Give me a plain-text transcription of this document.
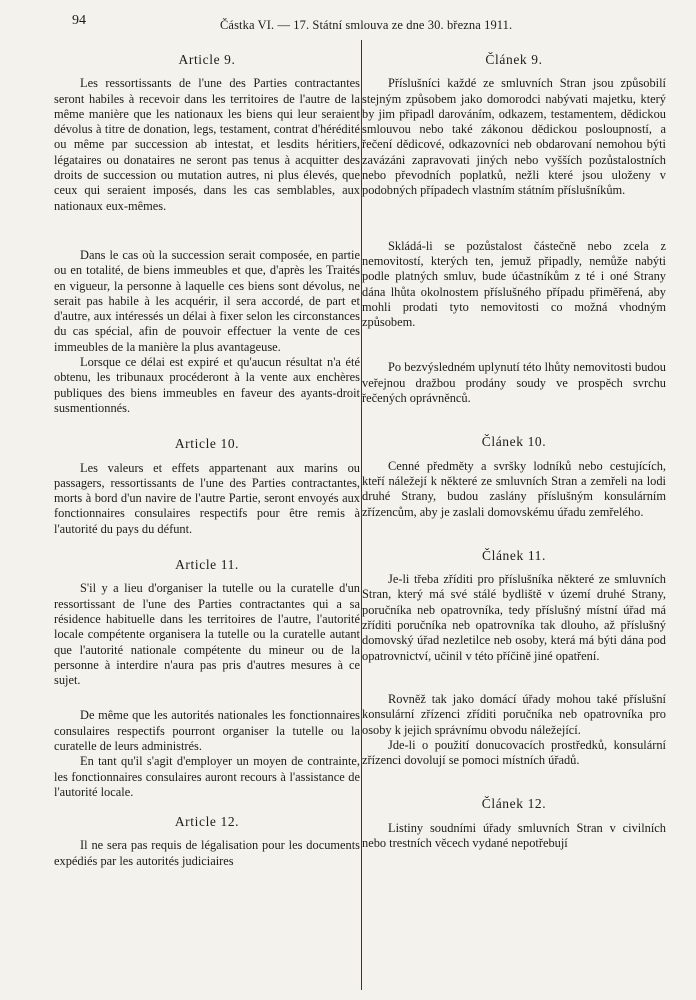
94	Částka VI. — 17. Státní smlouva ze dne 30. března 1911.
Article 9.

Les ressortissants de l'une des Parties contractantes seront habiles à recevoir dans les territoires de l'autre de la même manière que les nationaux les biens qui leur seraient dévolus à titre de donation, legs, testament, contrat d'hérédité ou même par succession ab intestat, et lesdits héritiers, légataires ou donataires ne seront pas tenus à acquitter des droits de succession ou mutation autres, ni plus élevés, que ceux qui seraient imposés, dans les cas semblables, aux nationaux eux-mêmes.

Dans le cas où la succession serait composée, en partie ou en totalité, de biens immeubles et que, d'après les Traités en vigueur, la personne à laquelle ces biens sont dévolus, ne serait pas habile à les acquérir, il sera accordé, de part et d'autre, aux intéressés un délai à fixer selon les circonstances du cas spécial, afin de pouvoir effectuer la vente de ces immeubles de la manière la plus avantageuse.

Lorsque ce délai est expiré et qu'aucun résultat n'a été obtenu, les tribunaux procéderont à la vente aux enchères publiques des biens immeubles en faveur des ayants-droit susmentionnés.

Article 10.

Les valeurs et effets appartenant aux marins ou passagers, ressortissants de l'une des Parties contractantes, morts à bord d'un navire de l'autre Partie, seront envoyés aux fonctionnaires consulaires respectifs pour être remis à l'autorité du pays du défunt.

Article 11.

S'il y a lieu d'organiser la tutelle ou la curatelle d'un ressortissant de l'une des Parties contractantes qui a sa résidence habituelle dans les territoires de l'autre, l'autorité locale compétente organisera la tutelle ou la curatelle autant que l'autorité nationale compétente du mineur ou de la personne à interdire n'aura pas pris d'autres mesures à ce sujet.

De même que les autorités nationales les fonctionnaires consulaires respectifs pourront organiser la tutelle ou la curatelle de leurs administrés.

En tant qu'il s'agit d'employer un moyen de contrainte, les fonctionnaires consulaires auront recours à l'assistance de l'autorité locale.

Article 12.

Il ne sera pas requis de légalisation pour les documents expédiés par les autorités judiciaires

Článek 9.

Příslušníci každé ze smluvních Stran jsou způsobilí stejným způsobem jako domorodci nabývati majetku, který by jim připadl darováním, odkazem, testamentem, dědickou smlouvou nebo také zákonou dědickou posloupností, a řečení dědicové, odkazovníci neb obdarovaní nemohou býti zavázáni zapravovati jiných nebo vyšších pozůstalostních nebo převodních poplatků, nežli které jsou uloženy v podobných případech vlastním státním příslušníkům.

Skládá-li se pozůstalost částečně nebo zcela z nemovitostí, kterých ten, jemuž připadly, nemůže nabýti podle platných smluv, bude účastníkům z té i oné Strany dána lhůta okolnostem příslušného případu přiměřená, aby mohli prodati tyto nemovitosti co možná vhodným způsobem.

Po bezvýsledném uplynutí této lhůty nemovitosti budou veřejnou dražbou prodány soudy ve prospěch svrchu řečených oprávněnců.

Článek 10.

Cenné předměty a svršky lodníků nebo cestujících, kteří náležejí k některé ze smluvních Stran a zemřeli na lodi druhé Strany, budou zaslány příslušným konsulárním zřízencům, aby je zaslali domovskému úřadu zemřelého.

Článek 11.

Je-li třeba zříditi pro příslušníka některé ze smluvních Stran, který má své stálé bydliště v území druhé Strany, poručníka neb opatrovníka, tedy příslušný místní úřad má zříditi poručníka neb opatrovníka tak dlouho, až příslušný domovský úřad nezletilce neb osoby, která má býti dána pod opatrovnictví, učinil v této příčině jiné opatření.

Rovněž tak jako domácí úřady mohou také příslušní konsulární zřízenci zříditi poručníka neb opatrovníka pro osoby k jejich správnímu obvodu náležející.

Jde-li o použití donucovacích prostředků, konsulární zřízenci dovolují se pomoci místních úřadů.

Článek 12.

Listiny soudními úřady smluvních Stran v civilních nebo trestních věcech vydané nepotřebují
